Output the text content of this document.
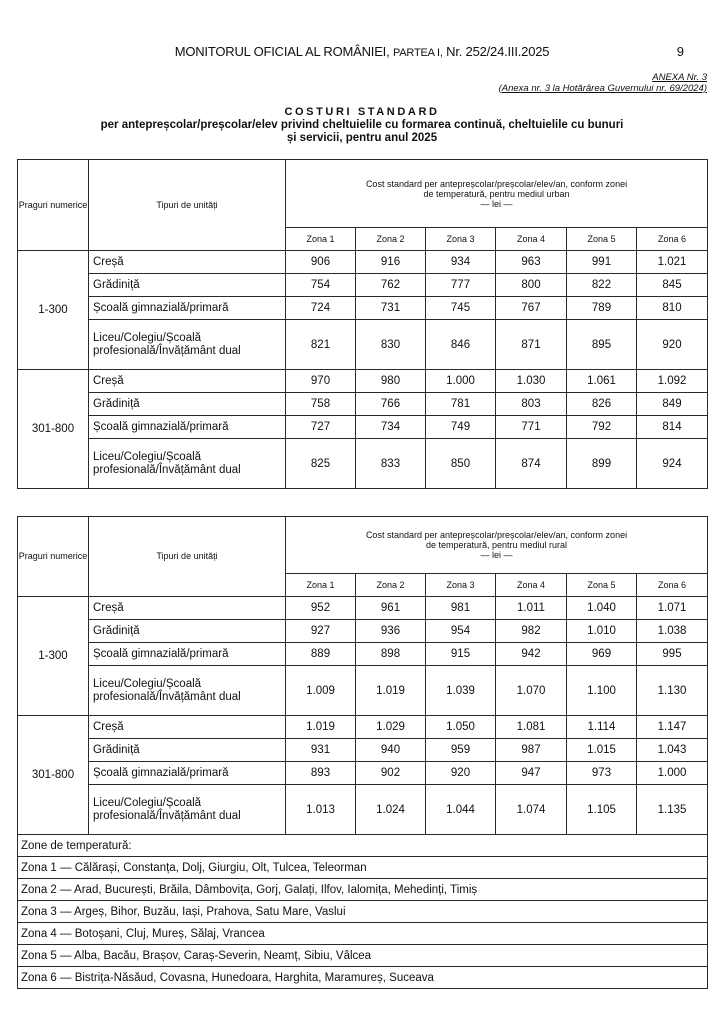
MONITORUL OFICIAL AL ROMÂNIEI, PARTEA I, Nr. 252/24.III.2025	9
ANEXA Nr. 3
(Anexa nr. 3 la Hotărârea Guvernului nr. 69/2024)
COSTURI STANDARD
per antepreșcolar/preșcolar/elev privind cheltuielile cu formarea continuă, cheltuielile cu bunuri
și servicii, pentru anul 2025
Praguri numerice	Tipuri de unități	Cost standard per antepreșcolar/preșcolar/elev/an, conform zonei
de temperatură, pentru mediul urban
— lei —					

		Zona 1	Zona 2	Zona 3	Zona 4	Zona 5	Zona 6
1-300	Creșă	906	916	934	963	991	1.021
	Grădiniță	754	762	777	800	822	845
	Școală gimnazială/primară	724	731	745	767	789	810

	Liceu/Colegiu/Școală
profesională/Învățământ dual	821	830	846	871	895	920
301-800	Creșă	970	980	1.000	1.030	1.061	1.092
	Grădiniță	758	766	781	803	826	849
	Școală gimnazială/primară	727	734	749	771	792	814

	Liceu/Colegiu/Școală
profesională/Învățământ dual	825	833	850	874	899	924
Praguri numerice	Tipuri de unități	Cost standard per antepreșcolar/preșcolar/elev/an, conform zonei
de temperatură, pentru mediul rural
— lei —					

		Zona 1	Zona 2	Zona 3	Zona 4	Zona 5	Zona 6
1-300	Creșă	952	961	981	1.011	1.040	1.071
	Grădiniță	927	936	954	982	1.010	1.038
	Școală gimnazială/primară	889	898	915	942	969	995

	Liceu/Colegiu/Școală
profesională/Învățământ dual	1.009	1.019	1.039	1.070	1.100	1.130
301-800	Creșă	1.019	1.029	1.050	1.081	1.114	1.147
	Grădiniță	931	940	959	987	1.015	1.043
	Școală gimnazială/primară	893	902	920	947	973	1.000

	Liceu/Colegiu/Școală
profesională/Învățământ dual	1.013	1.024	1.044	1.074	1.105	1.135
Zone de temperatură:							
Zona 1 — Călărași, Constanța, Dolj, Giurgiu, Olt, Tulcea, Teleorman							
Zona 2 — Arad, București, Brăila, Dâmbovița, Gorj, Galați, Ilfov, Ialomița, Mehedinți, Timiș							
Zona 3 — Argeș, Bihor, Buzău, Iași, Prahova, Satu Mare, Vaslui							
Zona 4 — Botoșani, Cluj, Mureș, Sălaj, Vrancea							
Zona 5 — Alba, Bacău, Brașov, Caraș-Severin, Neamț, Sibiu, Vâlcea							
Zona 6 — Bistrița-Năsăud, Covasna, Hunedoara, Harghita, Maramureș, Suceava							
